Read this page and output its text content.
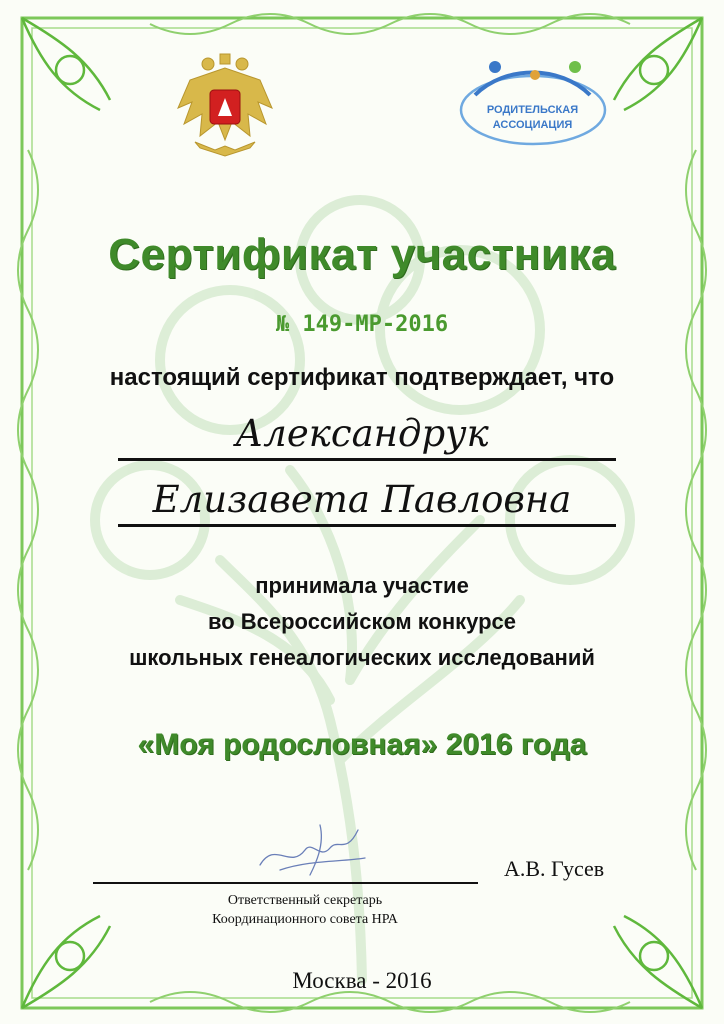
РОДИТЕЛЬСКАЯ
АССОЦИАЦИЯ
Сертификат участника
№ 149-МР-2016
настоящий сертификат подтверждает, что
Александрук
Елизавета Павловна
принимала участие
во Всероссийском конкурсе
школьных генеалогических исследований
«Моя родословная» 2016 года
А.В. Гусев
Ответственный секретарь
Координационного совета НРА
Москва - 2016
